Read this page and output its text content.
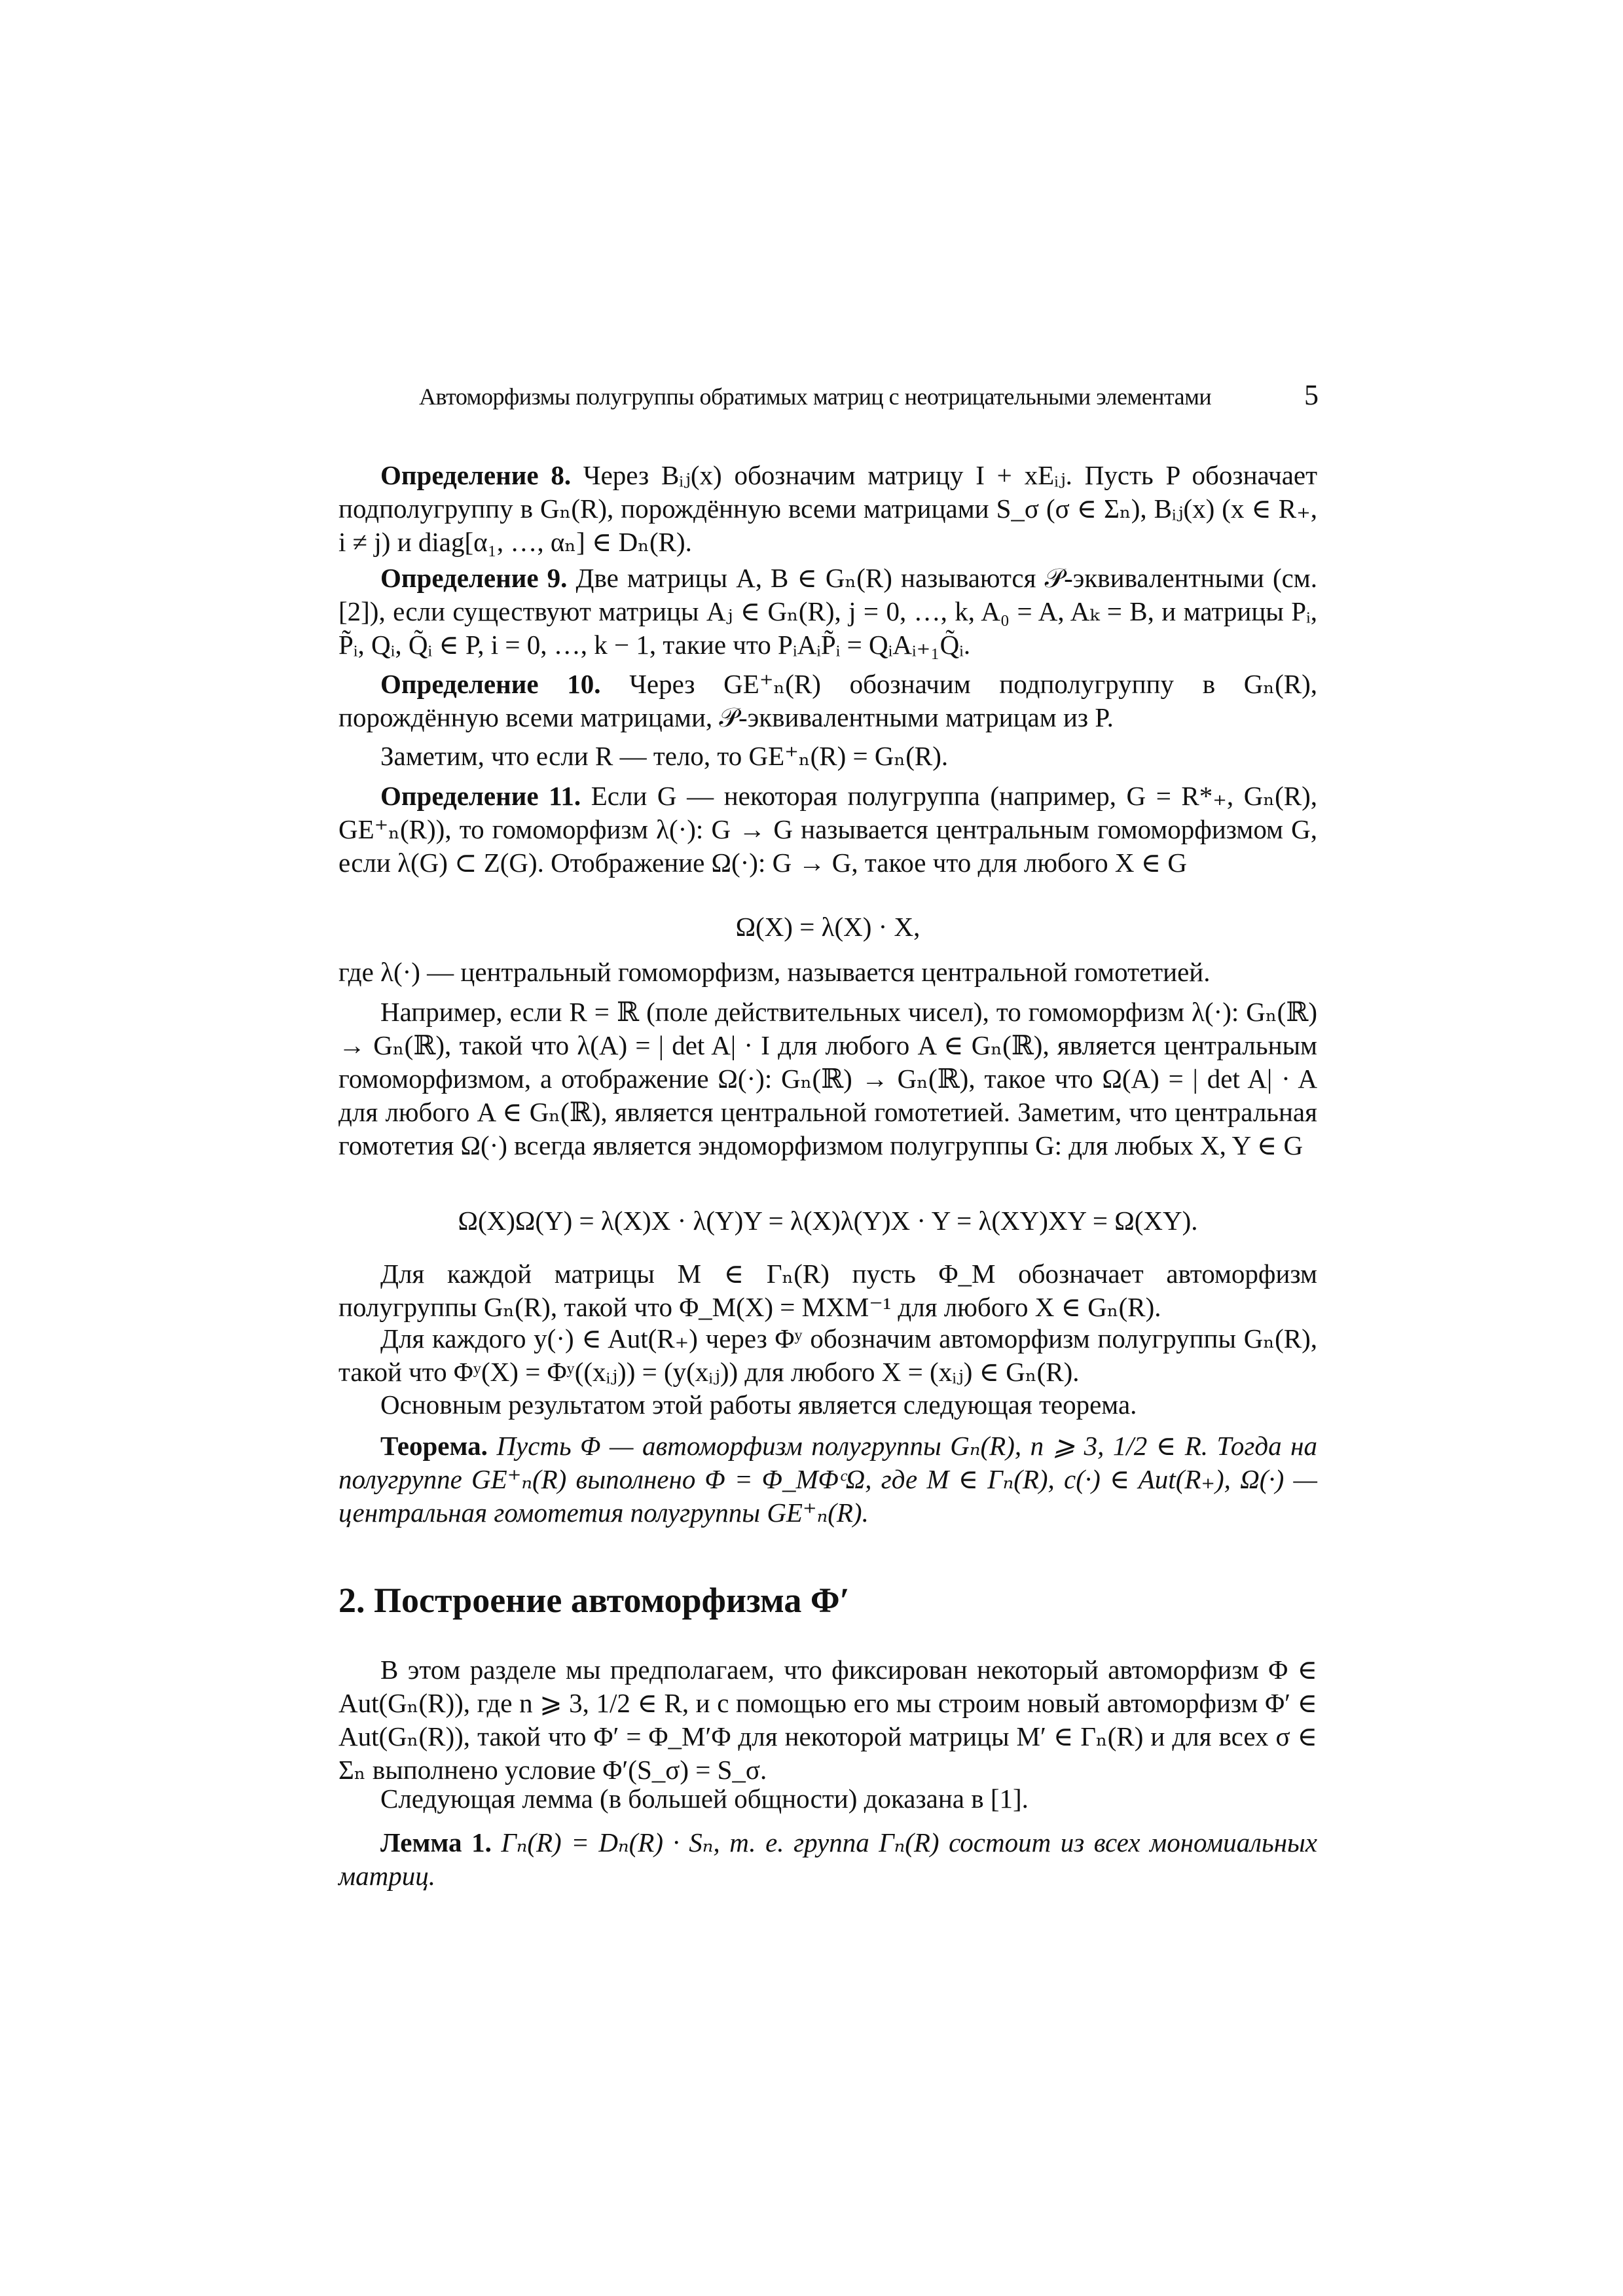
Автоморфизмы полугруппы обратимых матриц с неотрицательными элементами	5
Определение 8. Через Bᵢⱼ(x) обозначим матрицу I + xEᵢⱼ. Пусть P обозначает подполугруппу в Gₙ(R), порождённую всеми матрицами S_σ (σ ∈ Σₙ), Bᵢⱼ(x) (x ∈ R₊, i ≠ j) и diag[α₁, …, αₙ] ∈ Dₙ(R).
Определение 9. Две матрицы A, B ∈ Gₙ(R) называются 𝒫-эквивалентными (см. [2]), если существуют матрицы Aⱼ ∈ Gₙ(R), j = 0, …, k, A₀ = A, Aₖ = B, и матрицы Pᵢ, P̃ᵢ, Qᵢ, Q̃ᵢ ∈ P, i = 0, …, k − 1, такие что PᵢAᵢP̃ᵢ = QᵢAᵢ₊₁Q̃ᵢ.
Определение 10. Через GE⁺ₙ(R) обозначим подполугруппу в Gₙ(R), порождённую всеми матрицами, 𝒫-эквивалентными матрицам из P.
Заметим, что если R — тело, то GE⁺ₙ(R) = Gₙ(R).
Определение 11. Если G — некоторая полугруппа (например, G = R*₊, Gₙ(R), GE⁺ₙ(R)), то гомоморфизм λ(·): G → G называется центральным гомоморфизмом G, если λ(G) ⊂ Z(G). Отображение Ω(·): G → G, такое что для любого X ∈ G
Ω(X) = λ(X) · X,
где λ(·) — центральный гомоморфизм, называется центральной гомотетией.
Например, если R = ℝ (поле действительных чисел), то гомоморфизм λ(·): Gₙ(ℝ) → Gₙ(ℝ), такой что λ(A) = | det A| · I для любого A ∈ Gₙ(ℝ), является центральным гомоморфизмом, а отображение Ω(·): Gₙ(ℝ) → Gₙ(ℝ), такое что Ω(A) = | det A| · A для любого A ∈ Gₙ(ℝ), является центральной гомотетией. Заметим, что центральная гомотетия Ω(·) всегда является эндоморфизмом полугруппы G: для любых X, Y ∈ G
Ω(X)Ω(Y) = λ(X)X · λ(Y)Y = λ(X)λ(Y)X · Y = λ(XY)XY = Ω(XY).
Для каждой матрицы M ∈ Γₙ(R) пусть Φ_M обозначает автоморфизм полугруппы Gₙ(R), такой что Φ_M(X) = MXM⁻¹ для любого X ∈ Gₙ(R).
Для каждого y(·) ∈ Aut(R₊) через Φʸ обозначим автоморфизм полугруппы Gₙ(R), такой что Φʸ(X) = Φʸ((xᵢⱼ)) = (y(xᵢⱼ)) для любого X = (xᵢⱼ) ∈ Gₙ(R).
Основным результатом этой работы является следующая теорема.
Теорема. Пусть Φ — автоморфизм полугруппы Gₙ(R), n ⩾ 3, 1/2 ∈ R. Тогда на полугруппе GE⁺ₙ(R) выполнено Φ = Φ_MΦᶜΩ, где M ∈ Γₙ(R), c(·) ∈ Aut(R₊), Ω(·) — центральная гомотетия полугруппы GE⁺ₙ(R).
2. Построение автоморфизма Φ′
В этом разделе мы предполагаем, что фиксирован некоторый автоморфизм Φ ∈ Aut(Gₙ(R)), где n ⩾ 3, 1/2 ∈ R, и с помощью его мы строим новый автоморфизм Φ′ ∈ Aut(Gₙ(R)), такой что Φ′ = Φ_M′Φ для некоторой матрицы M′ ∈ Γₙ(R) и для всех σ ∈ Σₙ выполнено условие Φ′(S_σ) = S_σ.
Следующая лемма (в большей общности) доказана в [1].
Лемма 1. Γₙ(R) = Dₙ(R) · Sₙ, т. е. группа Γₙ(R) состоит из всех мономиальных матриц.
